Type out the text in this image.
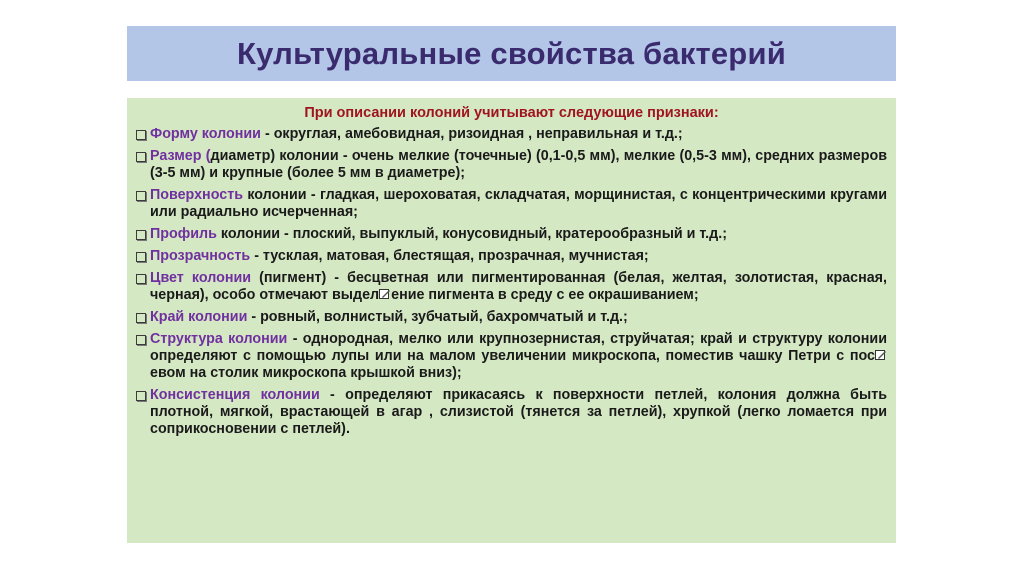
Культуральные свойства бактерий
При описании колоний учитывают следующие признаки:
Форму колонии - округлая, амебовидная, ризоидная , неправильная и т.д.;
Размер (диаметр) колонии - очень мелкие (точечные) (0,1-0,5 мм), мелкие (0,5-3 мм), средних размеров (3-5 мм) и крупные (более 5 мм в диаметре);
Поверхность колонии - гладкая, шероховатая, складчатая, морщинистая, с концентрическими кругами или радиально исчерченная;
Профиль колонии - плоский, выпуклый, конусовидный, кратерообразный и т.д.;
Прозрачность - тусклая, матовая, блестящая, прозрачная, мучнистая;
Цвет колонии (пигмент) - бесцветная или пигментированная (белая, желтая, золотистая, красная, черная), особо отмечают выдел ение пигмента в среду с ее окрашиванием;
Край колонии - ровный, волнистый, зубчатый, бахромчатый и т.д.;
Структура колонии - однородная, мелко или крупнозернистая, струйчатая; край и структуру колонии определяют с помощью лупы или на малом увеличении микроскопа, поместив чашку Петри с посевом на столик микроскопа крышкой вниз);
Консистенция колонии - определяют прикасаясь к поверхности петлей, колония должна быть плотной, мягкой, врастающей в агар , слизистой (тянется за петлей), хрупкой (легко ломается при соприкосновении с петлей).
